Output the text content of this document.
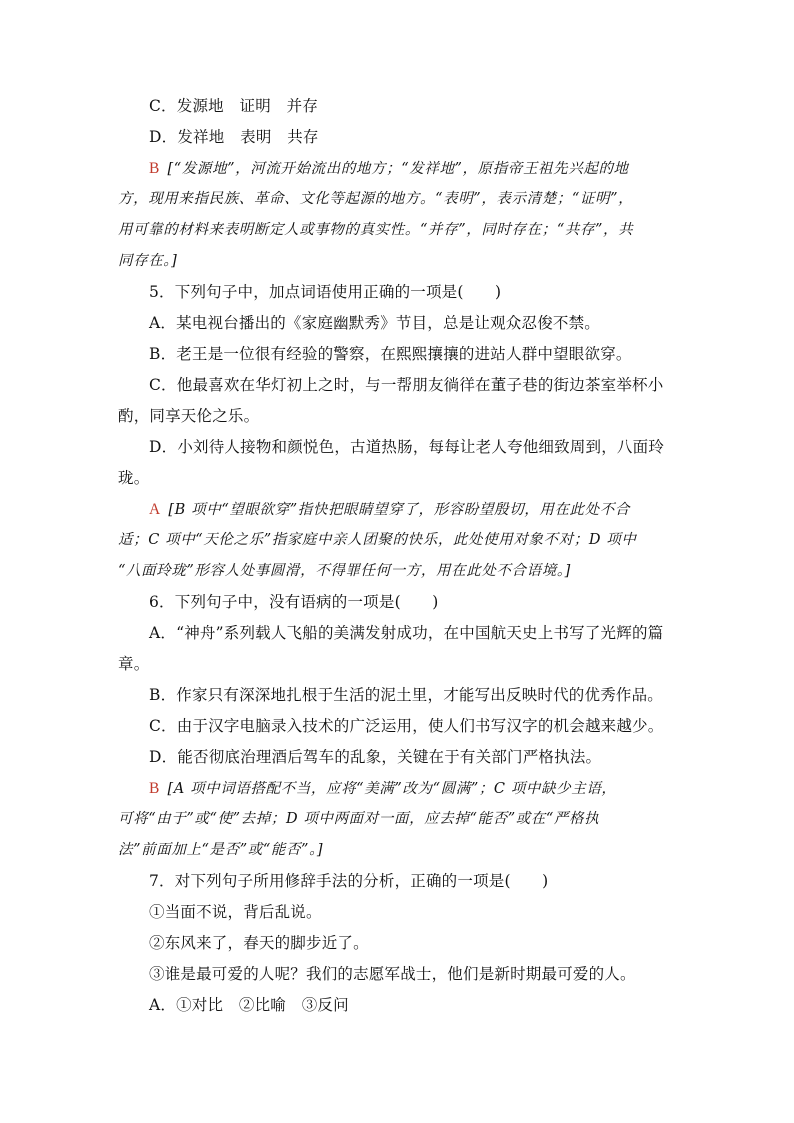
C．发源地　证明　并存
D．发祥地　表明　共存
B [“发源地”，河流开始流出的地方；“发祥地”，原指帝王祖先兴起的地
方，现用来指民族、革命、文化等起源的地方。“表明”，表示清楚；“证明”，
用可靠的材料来表明断定人或事物的真实性。“并存”，同时存在；“共存”，共
同存在。]
5．下列句子中，加点词语使用正确的一项是(　　)
A．某电视台播出的《家庭幽默秀》节目，总是让观众忍俊不禁。
B．老王是一位很有经验的警察，在熙熙攘攘的进站人群中望眼欲穿。
C．他最喜欢在华灯初上之时，与一帮朋友徜徉在董子巷的街边茶室举杯小
酌，同享天伦之乐。
D．小刘待人接物和颜悦色，古道热肠，每每让老人夸他细致周到，八面玲
珑。
A [B 项中“望眼欲穿”指快把眼睛望穿了，形容盼望殷切，用在此处不合
适；C 项中“天伦之乐”指家庭中亲人团聚的快乐，此处使用对象不对；D 项中
“八面玲珑”形容人处事圆滑，不得罪任何一方，用在此处不合语境。]
6．下列句子中，没有语病的一项是(　　)
A．“神舟”系列载人飞船的美满发射成功，在中国航天史上书写了光辉的篇
章。
B．作家只有深深地扎根于生活的泥土里，才能写出反映时代的优秀作品。
C．由于汉字电脑录入技术的广泛运用，使人们书写汉字的机会越来越少。
D．能否彻底治理酒后驾车的乱象，关键在于有关部门严格执法。
B [A 项中词语搭配不当，应将“美满”改为“圆满”；C 项中缺少主语，
可将“由于”或“使”去掉；D 项中两面对一面，应去掉“能否”或在“严格执
法”前面加上“是否”或“能否”。]
7．对下列句子所用修辞手法的分析，正确的一项是(　　)
①当面不说，背后乱说。
②东风来了，春天的脚步近了。
③谁是最可爱的人呢？我们的志愿军战士，他们是新时期最可爱的人。
A．①对比　②比喻　③反问
